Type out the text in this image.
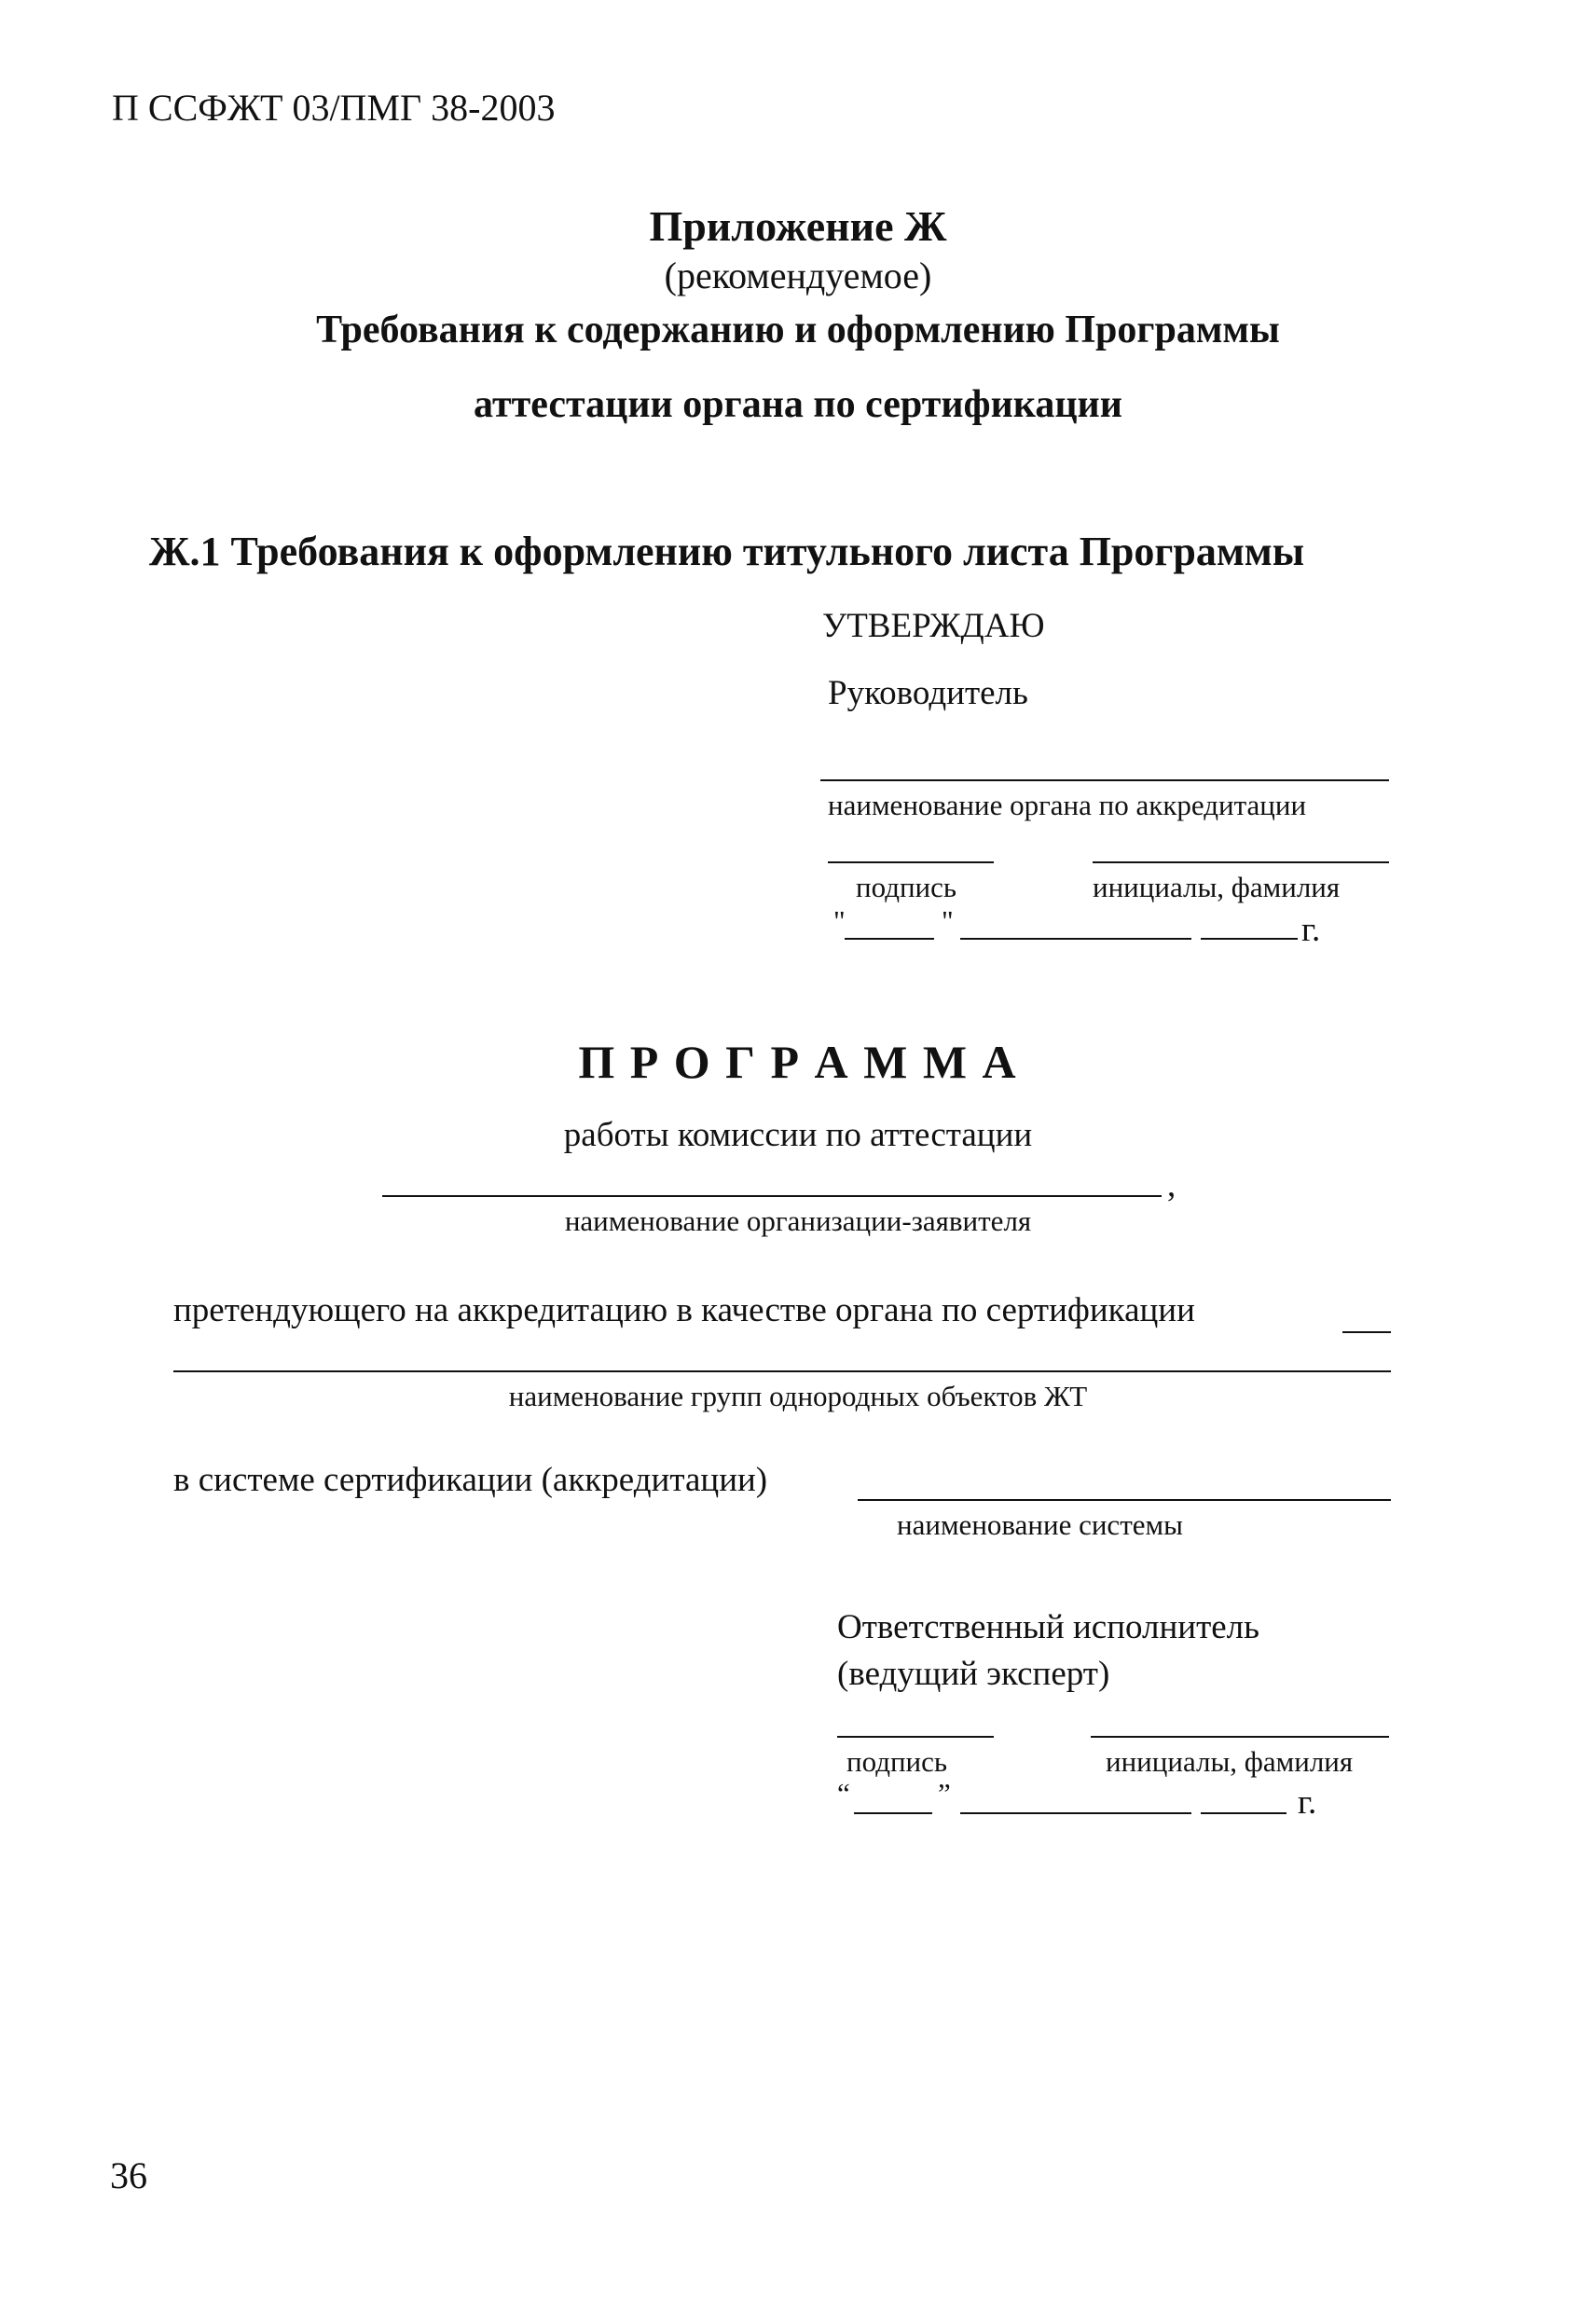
П ССФЖТ 03/ПМГ 38-2003
Приложение Ж
(рекомендуемое)
Требования к содержанию и оформлению Программы
аттестации органа по сертификации
Ж.1 Требования к оформлению титульного листа Программы
УТВЕРЖДАЮ
Руководитель
наименование органа по аккредитации
подпись	инициалы, фамилия
"	"	г.
П Р О Г Р А М М А
работы комиссии по аттестации
,
наименование организации-заявителя
претендующего на аккредитацию в качестве органа по сертификации
наименование групп однородных объектов ЖТ
в системе сертификации (аккредитации)
наименование системы
Ответственный исполнитель
(ведущий эксперт)
подпись	инициалы, фамилия
“	”	г.
36
